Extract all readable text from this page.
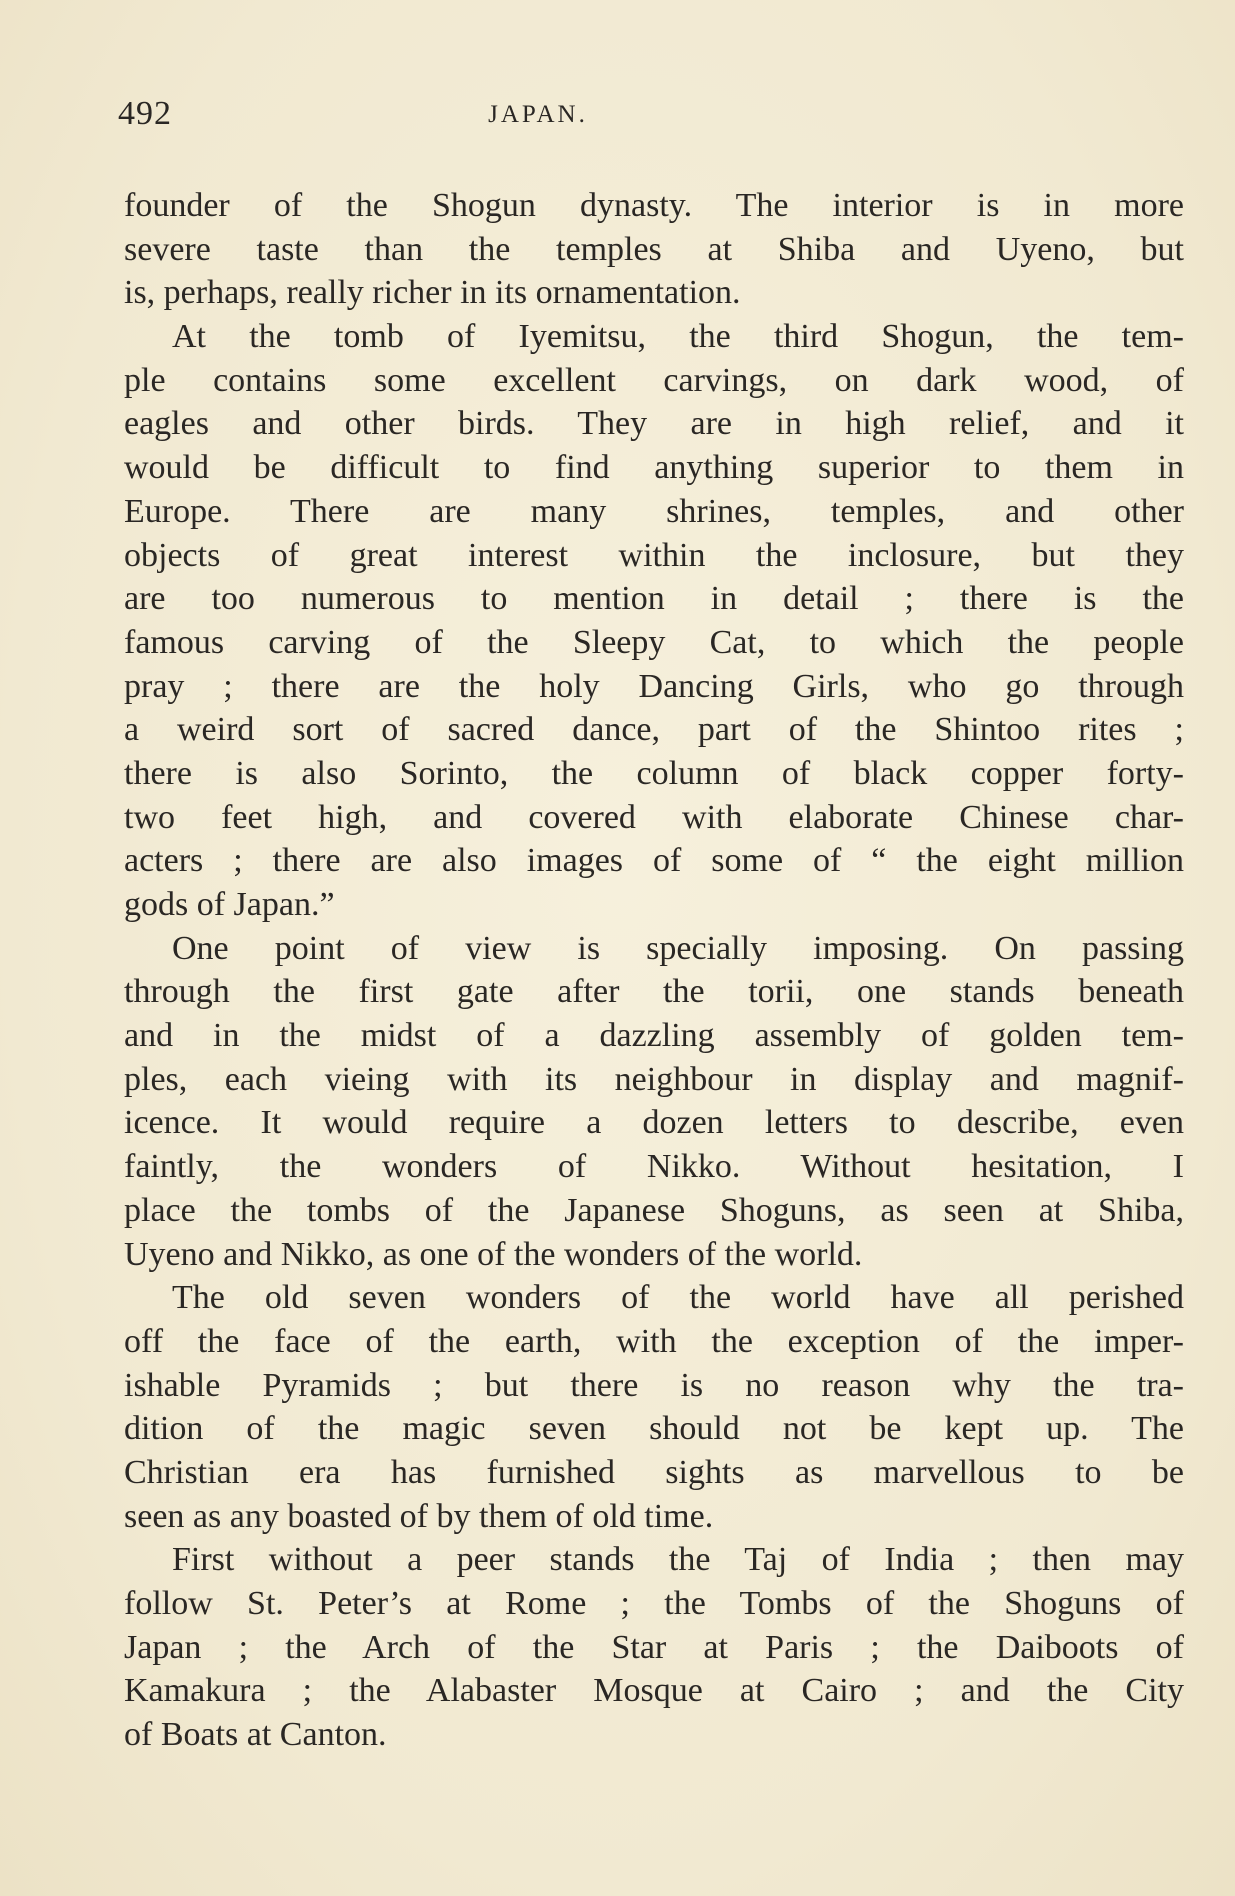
492	JAPAN.
founder of the Shogun dynasty. The interior is in more
severe taste than the temples at Shiba and Uyeno, but
is, perhaps, really richer in its ornamentation.
At the tomb of Iyemitsu, the third Shogun, the tem-
ple contains some excellent carvings, on dark wood, of
eagles and other birds. They are in high relief, and it
would be difficult to find anything superior to them in
Europe. There are many shrines, temples, and other
objects of great interest within the inclosure, but they
are too numerous to mention in detail ; there is the
famous carving of the Sleepy Cat, to which the people
pray ; there are the holy Dancing Girls, who go through
a weird sort of sacred dance, part of the Shintoo rites ;
there is also Sorinto, the column of black copper forty-
two feet high, and covered with elaborate Chinese char-
acters ; there are also images of some of “ the eight million
gods of Japan.”
One point of view is specially imposing. On passing
through the first gate after the torii, one stands beneath
and in the midst of a dazzling assembly of golden tem-
ples, each vieing with its neighbour in display and magnif-
icence. It would require a dozen letters to describe, even
faintly, the wonders of Nikko. Without hesitation, I
place the tombs of the Japanese Shoguns, as seen at Shiba,
Uyeno and Nikko, as one of the wonders of the world.
The old seven wonders of the world have all perished
off the face of the earth, with the exception of the imper-
ishable Pyramids ; but there is no reason why the tra-
dition of the magic seven should not be kept up. The
Christian era has furnished sights as marvellous to be
seen as any boasted of by them of old time.
First without a peer stands the Taj of India ; then may
follow St. Peter’s at Rome ; the Tombs of the Shoguns of
Japan ; the Arch of the Star at Paris ; the Daiboots of
Kamakura ; the Alabaster Mosque at Cairo ; and the City
of Boats at Canton.
